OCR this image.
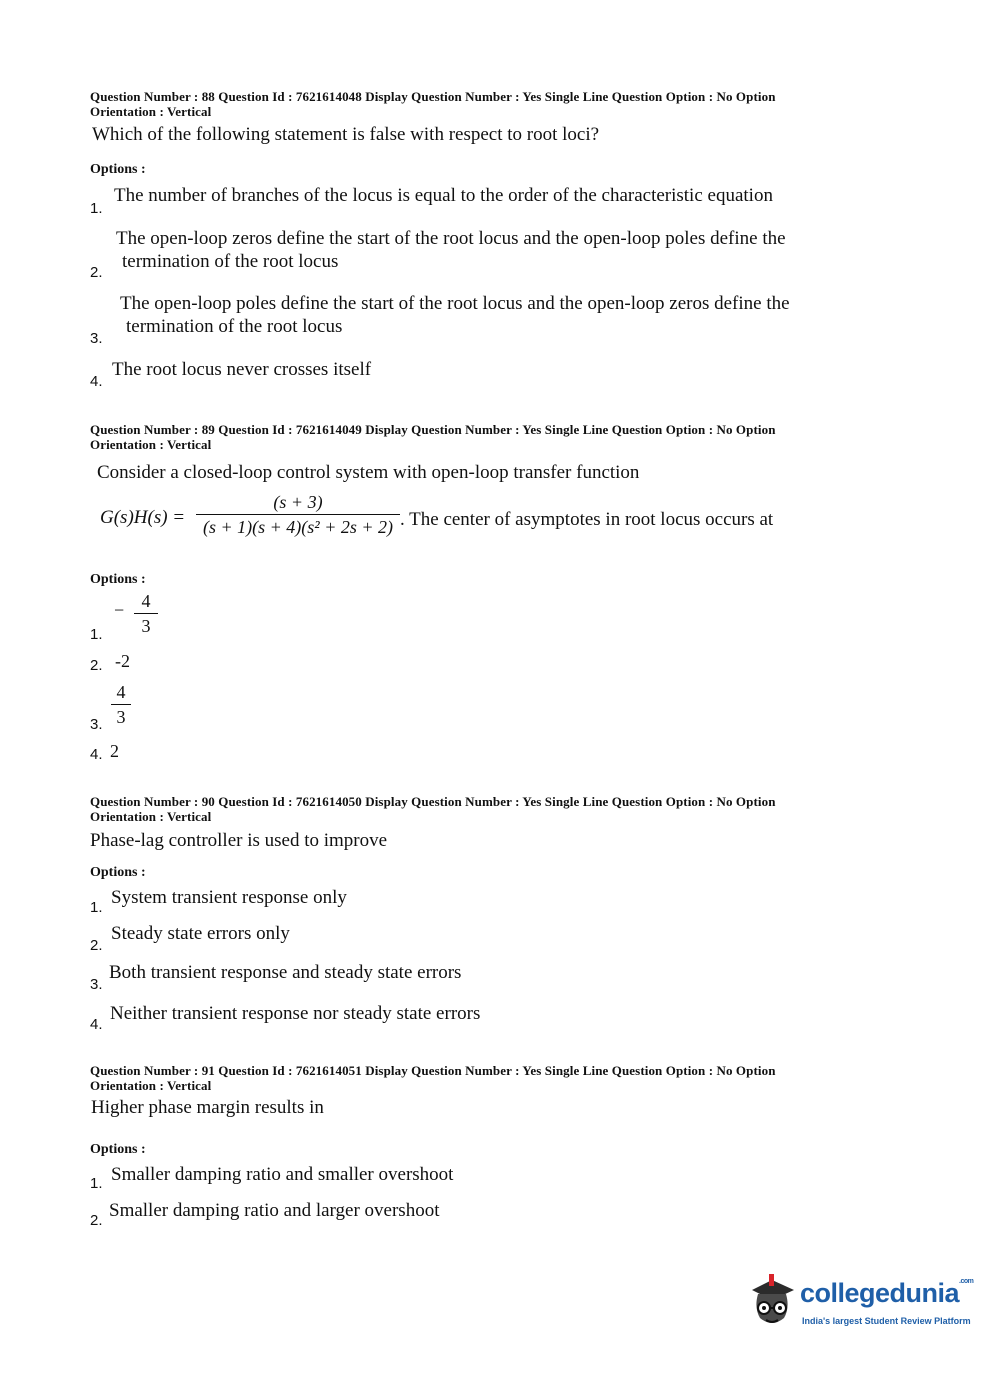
Question Number : 88 Question Id : 7621614048 Display Question Number : Yes Single Line Question Option : No Option
Orientation : Vertical
Which of the following statement is false with respect to root loci?
Options :
1.
The number of branches of the locus is equal to the order of the characteristic equation
2.
The open-loop zeros define the start of the root locus and the open-loop poles define the
termination of the root locus
3.
The open-loop poles define the start of the root locus and the open-loop zeros define the
termination of the root locus
4.
The root locus never crosses itself
Question Number : 89 Question Id : 7621614049 Display Question Number : Yes Single Line Question Option : No Option
Orientation : Vertical
Consider a closed-loop control system with open-loop transfer function
G(s)H(s) =
(s + 3)
(s + 1)(s + 4)(s² + 2s + 2) . The center of asymptotes in root locus occurs at
Options :
1.
− 4
3
2. -2
3.
4
3
4. 2
Question Number : 90 Question Id : 7621614050 Display Question Number : Yes Single Line Question Option : No Option
Orientation : Vertical
Phase-lag controller is used to improve
Options :
1. System transient response only
2.
Steady state errors only
3.
Both transient response and steady state errors
4.
Neither transient response nor steady state errors
Question Number : 91 Question Id : 7621614051 Display Question Number : Yes Single Line Question Option : No Option
Orientation : Vertical
Higher phase margin results in
Options :
1. Smaller damping ratio and smaller overshoot
2. Smaller damping ratio and larger overshoot
collegedunia$^{.com}$
India's largest Student Review Platform
